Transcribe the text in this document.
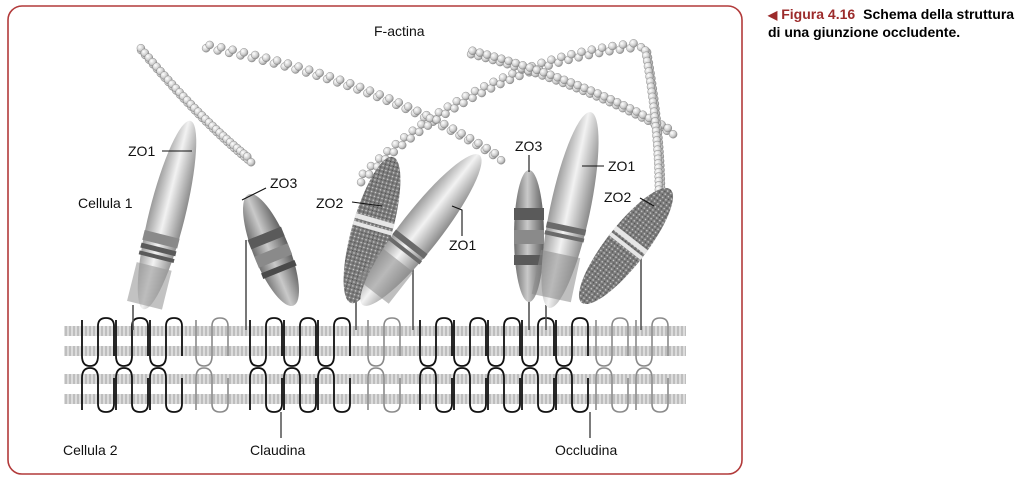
F-actina
ZO1
Cellula 1
ZO3
ZO2
ZO1
ZO3
ZO1
ZO2
Cellula 2	Claudina	Occludina
◀ Figura 4.16 Schema della struttura di una giunzione occludente.
